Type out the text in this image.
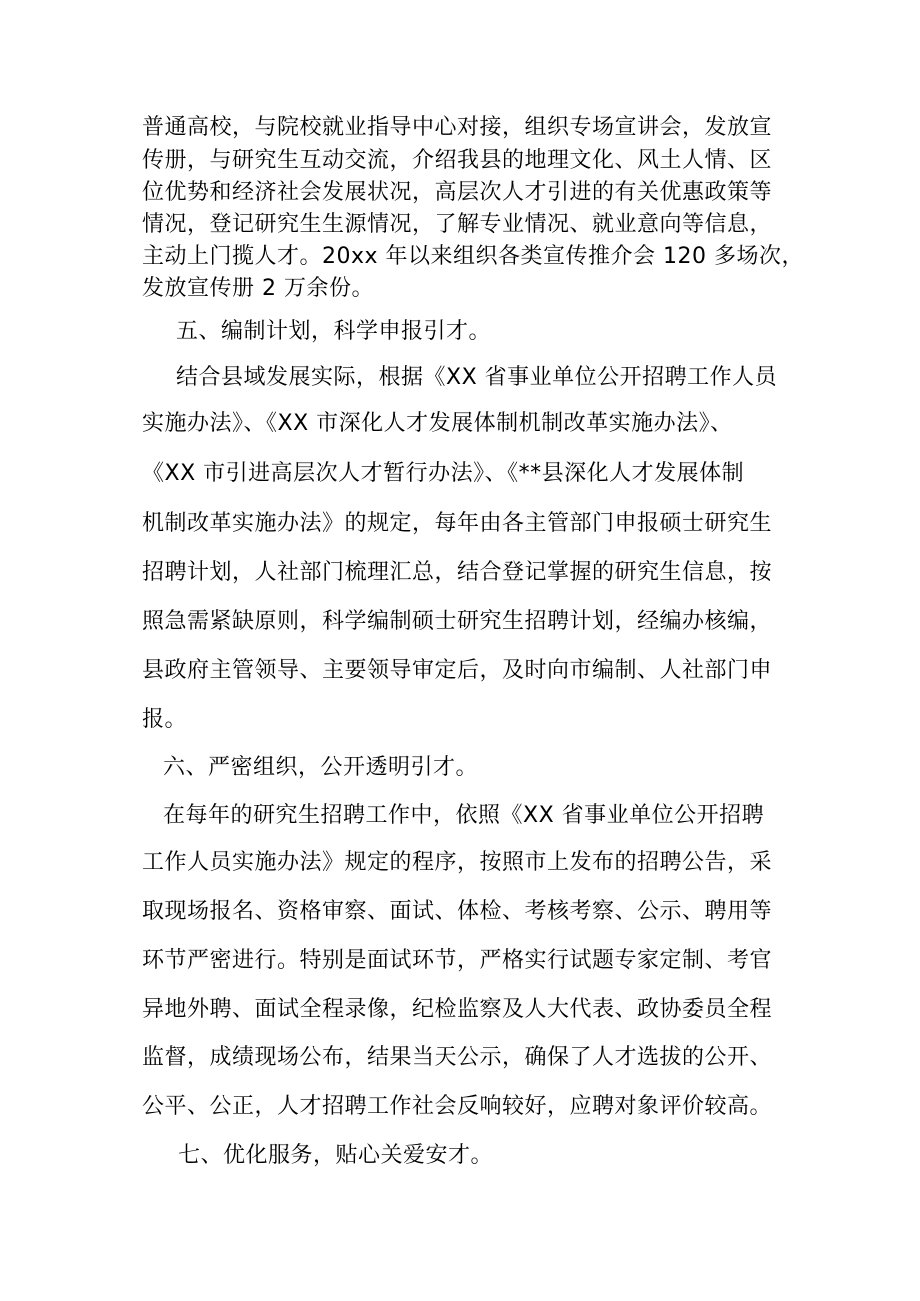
普通高校，与院校就业指导中心对接，组织专场宣讲会，发放宣
传册，与研究生互动交流，介绍我县的地理文化、风土人情、区
位优势和经济社会发展状况，高层次人才引进的有关优惠政策等
情况，登记研究生生源情况，了解专业情况、就业意向等信息，
主动上门揽人才。20xx 年以来组织各类宣传推介会 120 多场次，
发放宣传册 2 万余份。
五、编制计划，科学申报引才。
结合县域发展实际，根据《XX 省事业单位公开招聘工作人员
实施办法》、《XX 市深化人才发展体制机制改革实施办法》、
《XX 市引进高层次人才暂行办法》、《**县深化人才发展体制
机制改革实施办法》的规定，每年由各主管部门申报硕士研究生
招聘计划，人社部门梳理汇总，结合登记掌握的研究生信息，按
照急需紧缺原则，科学编制硕士研究生招聘计划，经编办核编，
县政府主管领导、主要领导审定后，及时向市编制、人社部门申
报。
六、严密组织，公开透明引才。
在每年的研究生招聘工作中，依照《XX 省事业单位公开招聘
工作人员实施办法》规定的程序，按照市上发布的招聘公告，采
取现场报名、资格审察、面试、体检、考核考察、公示、聘用等
环节严密进行。特别是面试环节，严格实行试题专家定制、考官
异地外聘、面试全程录像，纪检监察及人大代表、政协委员全程
监督，成绩现场公布，结果当天公示，确保了人才选拔的公开、
公平、公正，人才招聘工作社会反响较好，应聘对象评价较高。
七、优化服务，贴心关爱安才。
